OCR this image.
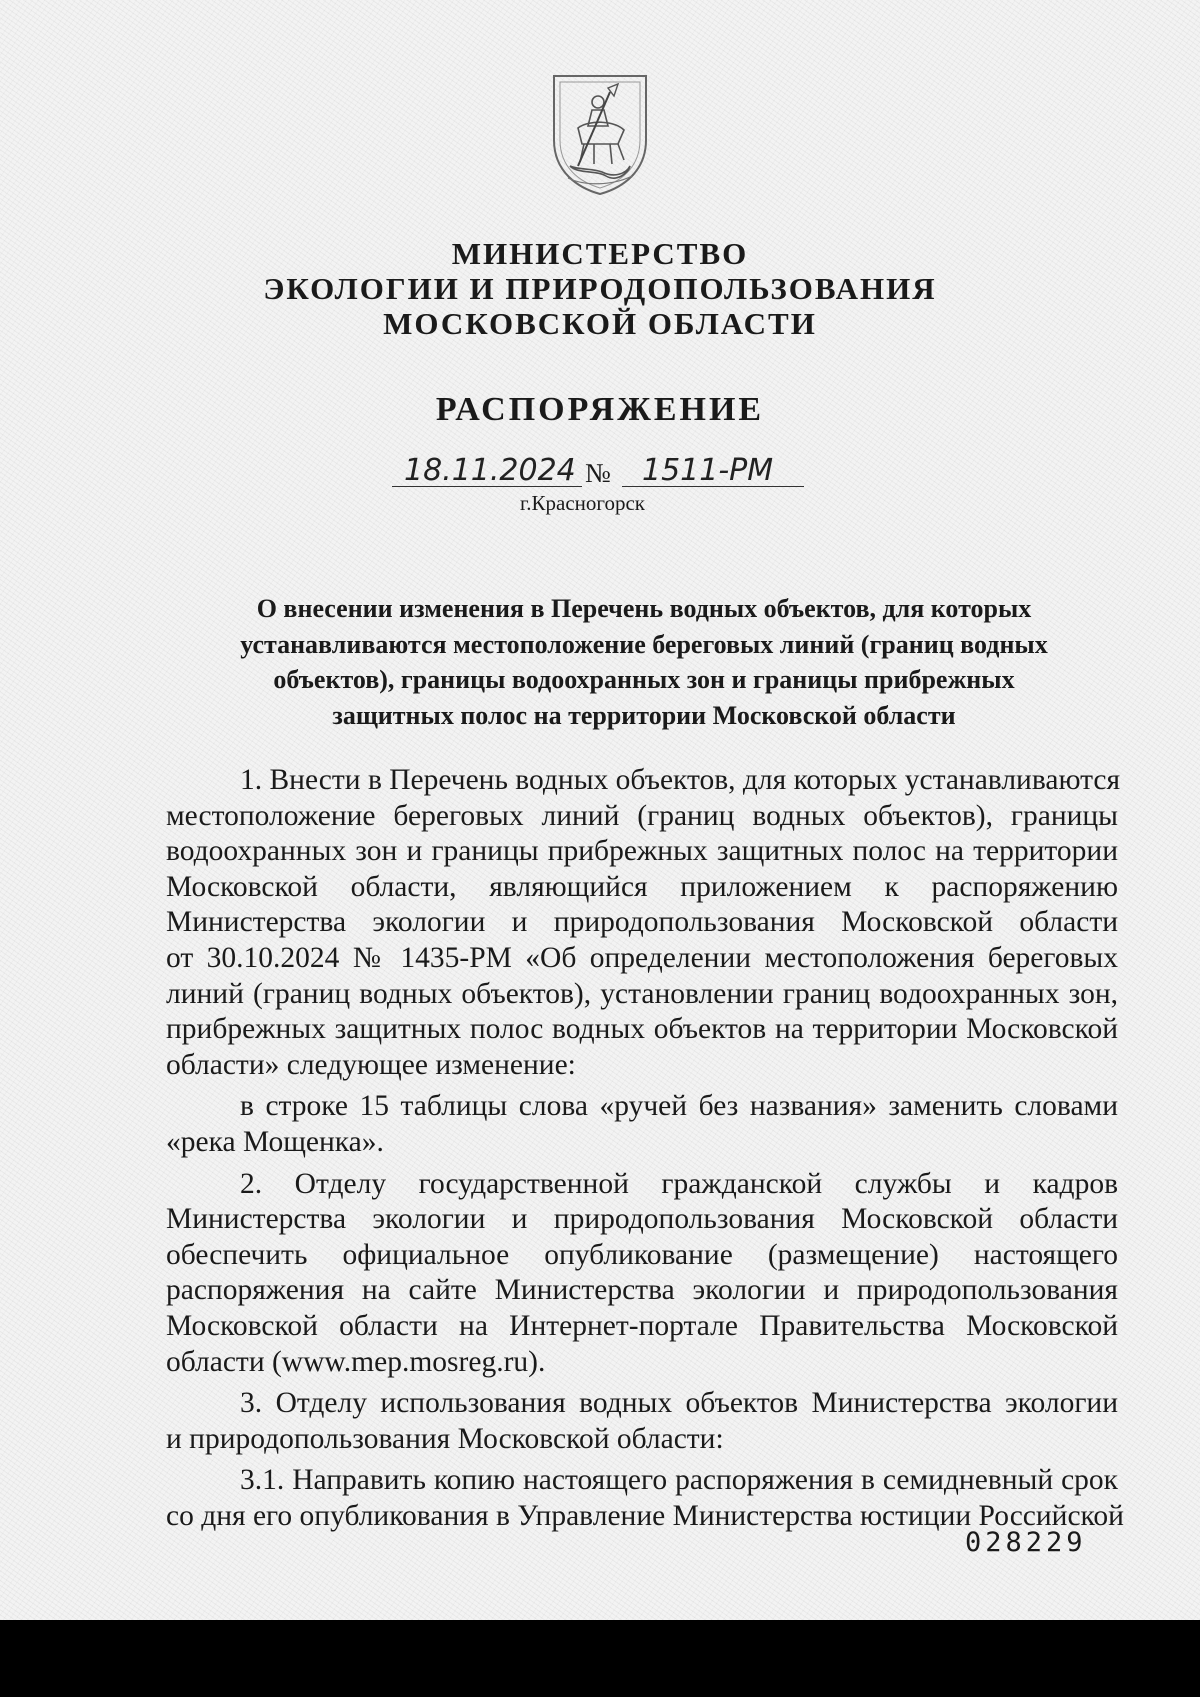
МИНИСТЕРСТВО
ЭКОЛОГИИ И ПРИРОДОПОЛЬЗОВАНИЯ
МОСКОВСКОЙ ОБЛАСТИ
РАСПОРЯЖЕНИЕ
18.11.2024 № 1511-РМ
г.Красногорск
О внесении изменения в Перечень водных объектов, для которых
устанавливаются местоположение береговых линий (границ водных
объектов), границы водоохранных зон и границы прибрежных
защитных полос на территории Московской области
1. Внести в Перечень водных объектов, для которых устанавливаются
местоположение береговых линий (границ водных объектов), границы
водоохранных зон и границы прибрежных защитных полос на территории
Московской области, являющийся приложением к распоряжению
Министерства экологии и природопользования Московской области
от 30.10.2024 № 1435-РМ «Об определении местоположения береговых
линий (границ водных объектов), установлении границ водоохранных зон,
прибрежных защитных полос водных объектов на территории Московской
области» следующее изменение:
в строке 15 таблицы слова «ручей без названия» заменить словами
«река Мощенка».
2. Отделу государственной гражданской службы и кадров
Министерства экологии и природопользования Московской области
обеспечить официальное опубликование (размещение) настоящего
распоряжения на сайте Министерства экологии и природопользования
Московской области на Интернет-портале Правительства Московской
области (www.mep.mosreg.ru).
3. Отделу использования водных объектов Министерства экологии
и природопользования Московской области:
3.1. Направить копию настоящего распоряжения в семидневный срок
со дня его опубликования в Управление Министерства юстиции Российской
028229
